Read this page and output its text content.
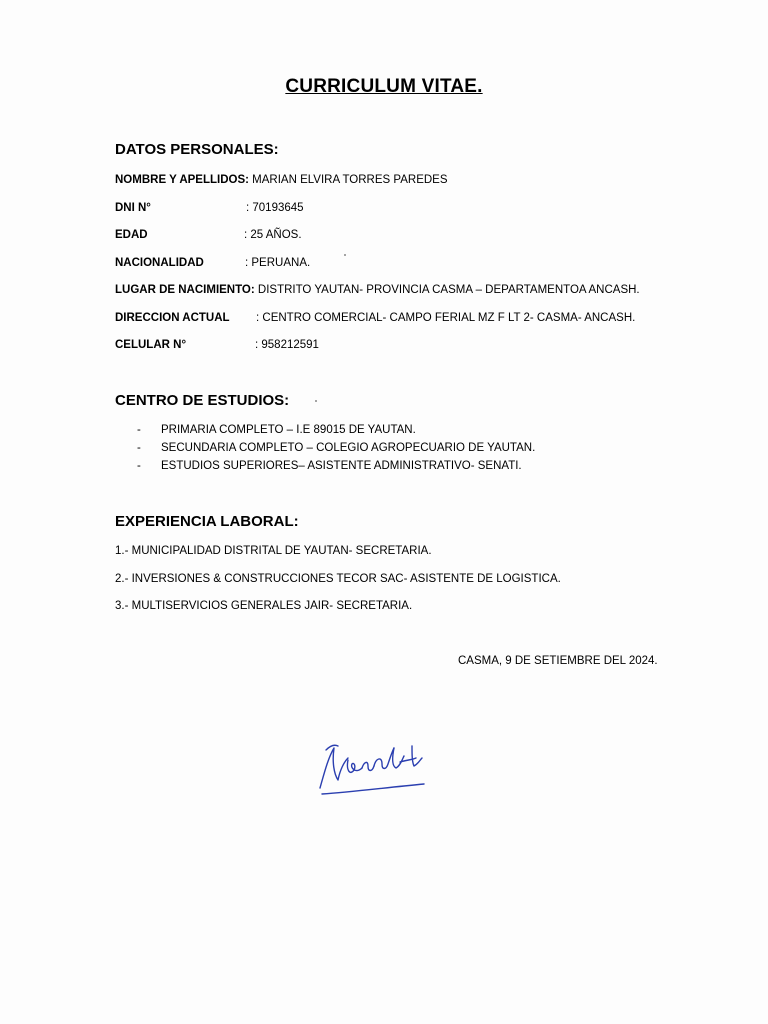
CURRICULUM VITAE.
DATOS PERSONALES:
NOMBRE Y APELLIDOS: MARIAN ELVIRA TORRES PAREDES
DNI N°	: 70193645
EDAD	: 25 AÑOS.
NACIONALIDAD	: PERUANA.
LUGAR DE NACIMIENTO: DISTRITO YAUTAN- PROVINCIA CASMA – DEPARTAMENTOA ANCASH.
DIRECCION ACTUAL : CENTRO COMERCIAL- CAMPO FERIAL MZ F LT 2- CASMA- ANCASH.
CELULAR N°	: 958212591
CENTRO DE ESTUDIOS:
- PRIMARIA COMPLETO – I.E 89015 DE YAUTAN.
- SECUNDARIA COMPLETO – COLEGIO AGROPECUARIO DE YAUTAN.
- ESTUDIOS SUPERIORES– ASISTENTE ADMINISTRATIVO- SENATI.
EXPERIENCIA LABORAL:
1.- MUNICIPALIDAD DISTRITAL DE YAUTAN- SECRETARIA.
2.- INVERSIONES & CONSTRUCCIONES TECOR SAC- ASISTENTE DE LOGISTICA.
3.- MULTISERVICIOS GENERALES JAIR- SECRETARIA.
CASMA, 9 DE SETIEMBRE DEL 2024.
